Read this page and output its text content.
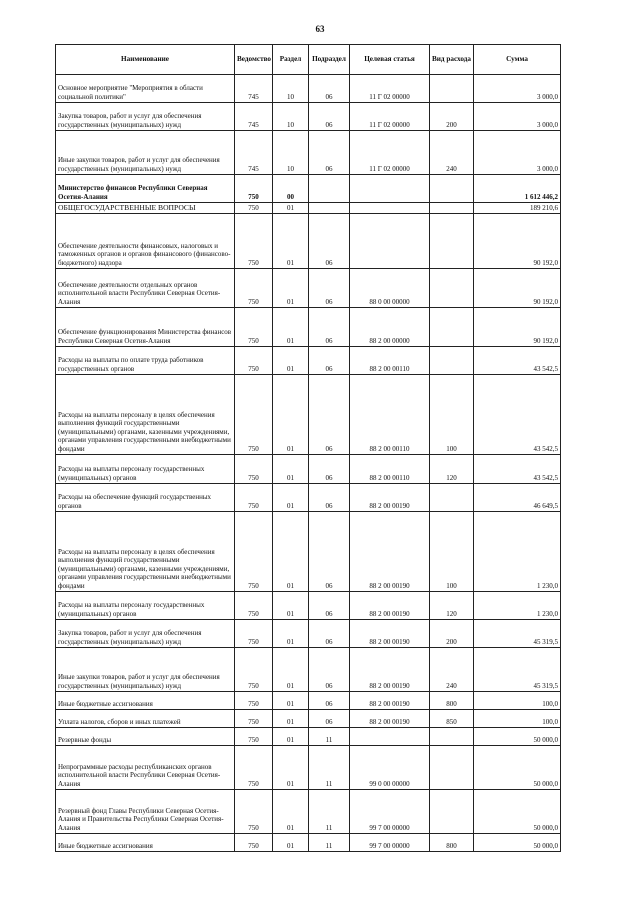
63
Наименование	Ведомство	Раздел	Подраздел	Целевая статья	Вид расхода	Сумма
Основное мероприятие "Мероприятия в области социальной политики"	745	10	06	11 Г 02 00000		3 000,0
Закупка товаров, работ и услуг для обеспечения государственных (муниципальных) нужд	745	10	06	11 Г 02 00000	200	3 000,0
Иные закупки товаров, работ и услуг для обеспечения государственных (муниципальных) нужд	745	10	06	11 Г 02 00000	240	3 000,0
Министерство финансов Республики Северная Осетия-Алания	750	00				1 612 446,2
ОБЩЕГОСУДАРСТВЕННЫЕ ВОПРОСЫ	750	01				189 210,6
Обеспечение деятельности финансовых, налоговых и таможенных органов и органов финансового (финансово-бюджетного) надзора	750	01	06			90 192,0
Обеспечение деятельности отдельных органов исполнительной власти Республики Северная Осетия-Алания	750	01	06	88 0 00 00000		90 192,0
Обеспечение функционирования Министерства финансов Республики Северная Осетия-Алания	750	01	06	88 2 00 00000		90 192,0
Расходы на выплаты по оплате труда работников государственных органов	750	01	06	88 2 00 00110		43 542,5
Расходы на выплаты персоналу в целях обеспечения выполнения функций государственными (муниципальными) органами, казенными учреждениями, органами управления государственными внебюджетными фондами	750	01	06	88 2 00 00110	100	43 542,5
Расходы на выплаты персоналу государственных (муниципальных) органов	750	01	06	88 2 00 00110	120	43 542,5
Расходы на обеспечение функций государственных органов	750	01	06	88 2 00 00190		46 649,5
Расходы на выплаты персоналу в целях обеспечения выполнения функций государственными (муниципальными) органами, казенными учреждениями, органами управления государственными внебюджетными фондами	750	01	06	88 2 00 00190	100	1 230,0
Расходы на выплаты персоналу государственных (муниципальных) органов	750	01	06	88 2 00 00190	120	1 230,0
Закупка товаров, работ и услуг для обеспечения государственных (муниципальных) нужд	750	01	06	88 2 00 00190	200	45 319,5
Иные закупки товаров, работ и услуг для обеспечения государственных (муниципальных) нужд	750	01	06	88 2 00 00190	240	45 319,5
Иные бюджетные ассигнования	750	01	06	88 2 00 00190	800	100,0
Уплата налогов, сборов и иных платежей	750	01	06	88 2 00 00190	850	100,0
Резервные фонды	750	01	11			50 000,0
Непрограммные расходы республиканских органов исполнительной власти Республики Северная Осетия-Алания	750	01	11	99 0 00 00000		50 000,0
Резервный фонд Главы Республики Северная Осетия-Алания и Правительства Республики Северная Осетия-Алания	750	01	11	99 7 00 00000		50 000,0
Иные бюджетные ассигнования	750	01	11	99 7 00 00000	800	50 000,0
